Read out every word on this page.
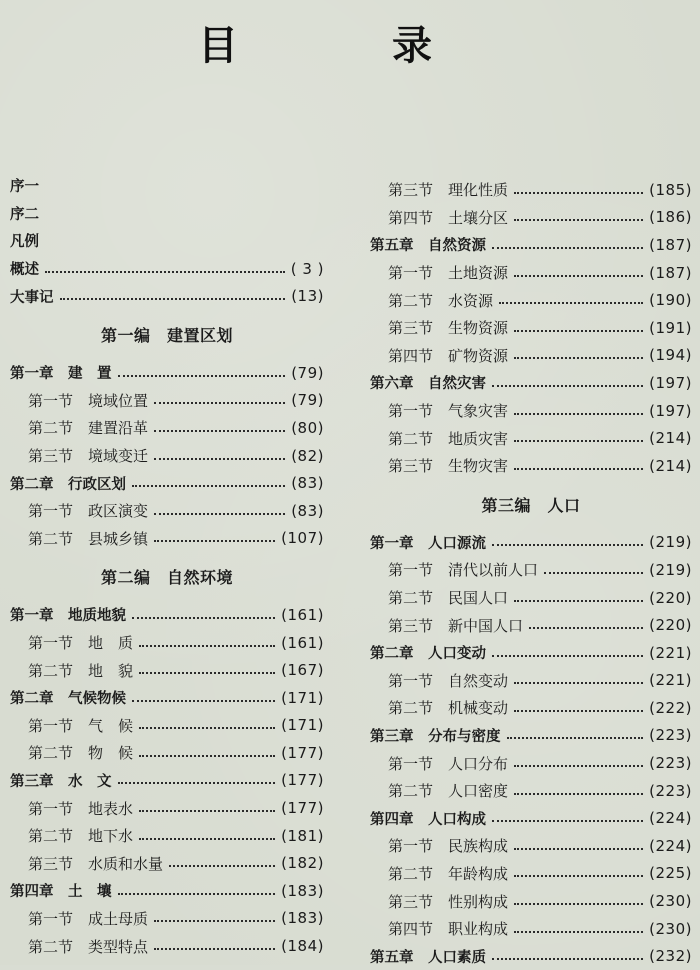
目 录
序一
序二
凡例
概述	( 3 )
大事记	(13)
第一编　建置区划
第一章　建　置	(79)
第一节　境域位置	(79)
第二节　建置沿革	(80)
第三节　境域变迁	(82)
第二章　行政区划	(83)
第一节　政区演变	(83)
第二节　县城乡镇	(107)
第二编　自然环境
第一章　地质地貌	(161)
第一节　地　质	(161)
第二节　地　貌	(167)
第二章　气候物候	(171)
第一节　气　候	(171)
第二节　物　候	(177)
第三章　水　文	(177)
第一节　地表水	(177)
第二节　地下水	(181)
第三节　水质和水量	(182)
第四章　土　壤	(183)
第一节　成土母质	(183)
第二节　类型特点	(184)
第三节　理化性质	(185)
第四节　土壤分区	(186)
第五章　自然资源	(187)
第一节　土地资源	(187)
第二节　水资源	(190)
第三节　生物资源	(191)
第四节　矿物资源	(194)
第六章　自然灾害	(197)
第一节　气象灾害	(197)
第二节　地质灾害	(214)
第三节　生物灾害	(214)
第三编　人口
第一章　人口源流	(219)
第一节　清代以前人口	(219)
第二节　民国人口	(220)
第三节　新中国人口	(220)
第二章　人口变动	(221)
第一节　自然变动	(221)
第二节　机械变动	(222)
第三章　分布与密度	(223)
第一节　人口分布	(223)
第二节　人口密度	(223)
第四章　人口构成	(224)
第一节　民族构成	(224)
第二节　年龄构成	(225)
第三节　性别构成	(230)
第四节　职业构成	(230)
第五章　人口素质	(232)
